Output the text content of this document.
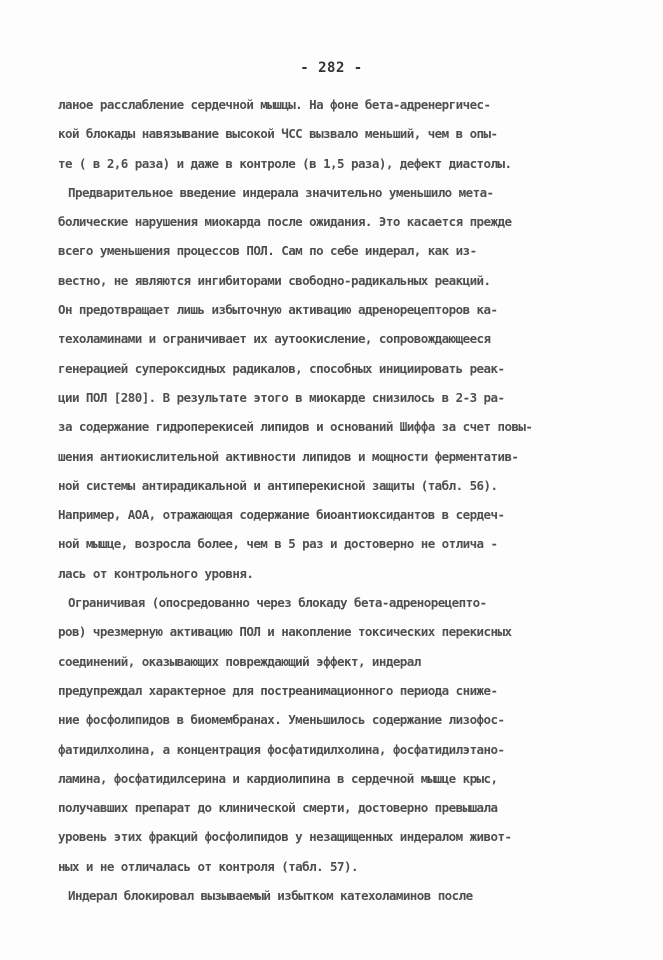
- 282 -
ланое расслабление сердечной мышцы. На фоне бета-адренергичес-
кой блокады навязывание высокой ЧСС вызвало меньший, чем в опы-
те ( в 2,6 раза) и даже в контроле (в 1,5 раза), дефект диастолы.
Предварительное введение индерала значительно уменьшило мета-
болические нарушения миокарда после ожидания. Это касается прежде
всего уменьшения процессов ПОЛ. Сам по себе индерал, как из-
вестно, не являются ингибиторами свободно-радикальных реакций.
Он предотвращает лишь избыточную активацию адренорецепторов ка-
техоламинами и ограничивает их аутоокисление, сопровождающееся
генерацией супероксидных радикалов, способных инициировать реак-
ции ПОЛ [280]. В результате этого в миокарде снизилось в 2-3 ра-
за содержание гидроперекисей липидов и оснований Шиффа за счет повы-
шения антиокислительной активности липидов и мощности ферментатив-
ной системы антирадикальной и антиперекисной защиты (табл. 56).
Например, АОА, отражающая содержание биоантиоксидантов в сердеч-
ной мышце, возросла более, чем в 5 раз и достоверно не отлича -
лась от контрольного уровня.
Ограничивая (опосредованно через блокаду бета-адренорецепто-
ров) чрезмерную активацию ПОЛ и накопление токсических перекисных
соединений, оказывающих повреждающий эффект, индерал
предупреждал характерное для постреанимационного периода сниже-
ние фосфолипидов в биомембранах. Уменьшилось содержание лизофос-
фатидилхолина, а концентрация фосфатидилхолина, фосфатидилэтано-
ламина, фосфатидилсерина и кардиолипина в сердечной мышце крыс,
получавших препарат до клинической смерти, достоверно превышала
уровень этих фракций фосфолипидов у незащищенных индералом живот-
ных и не отличалась от контроля (табл. 57).
Индерал блокировал вызываемый избытком катехоламинов после
